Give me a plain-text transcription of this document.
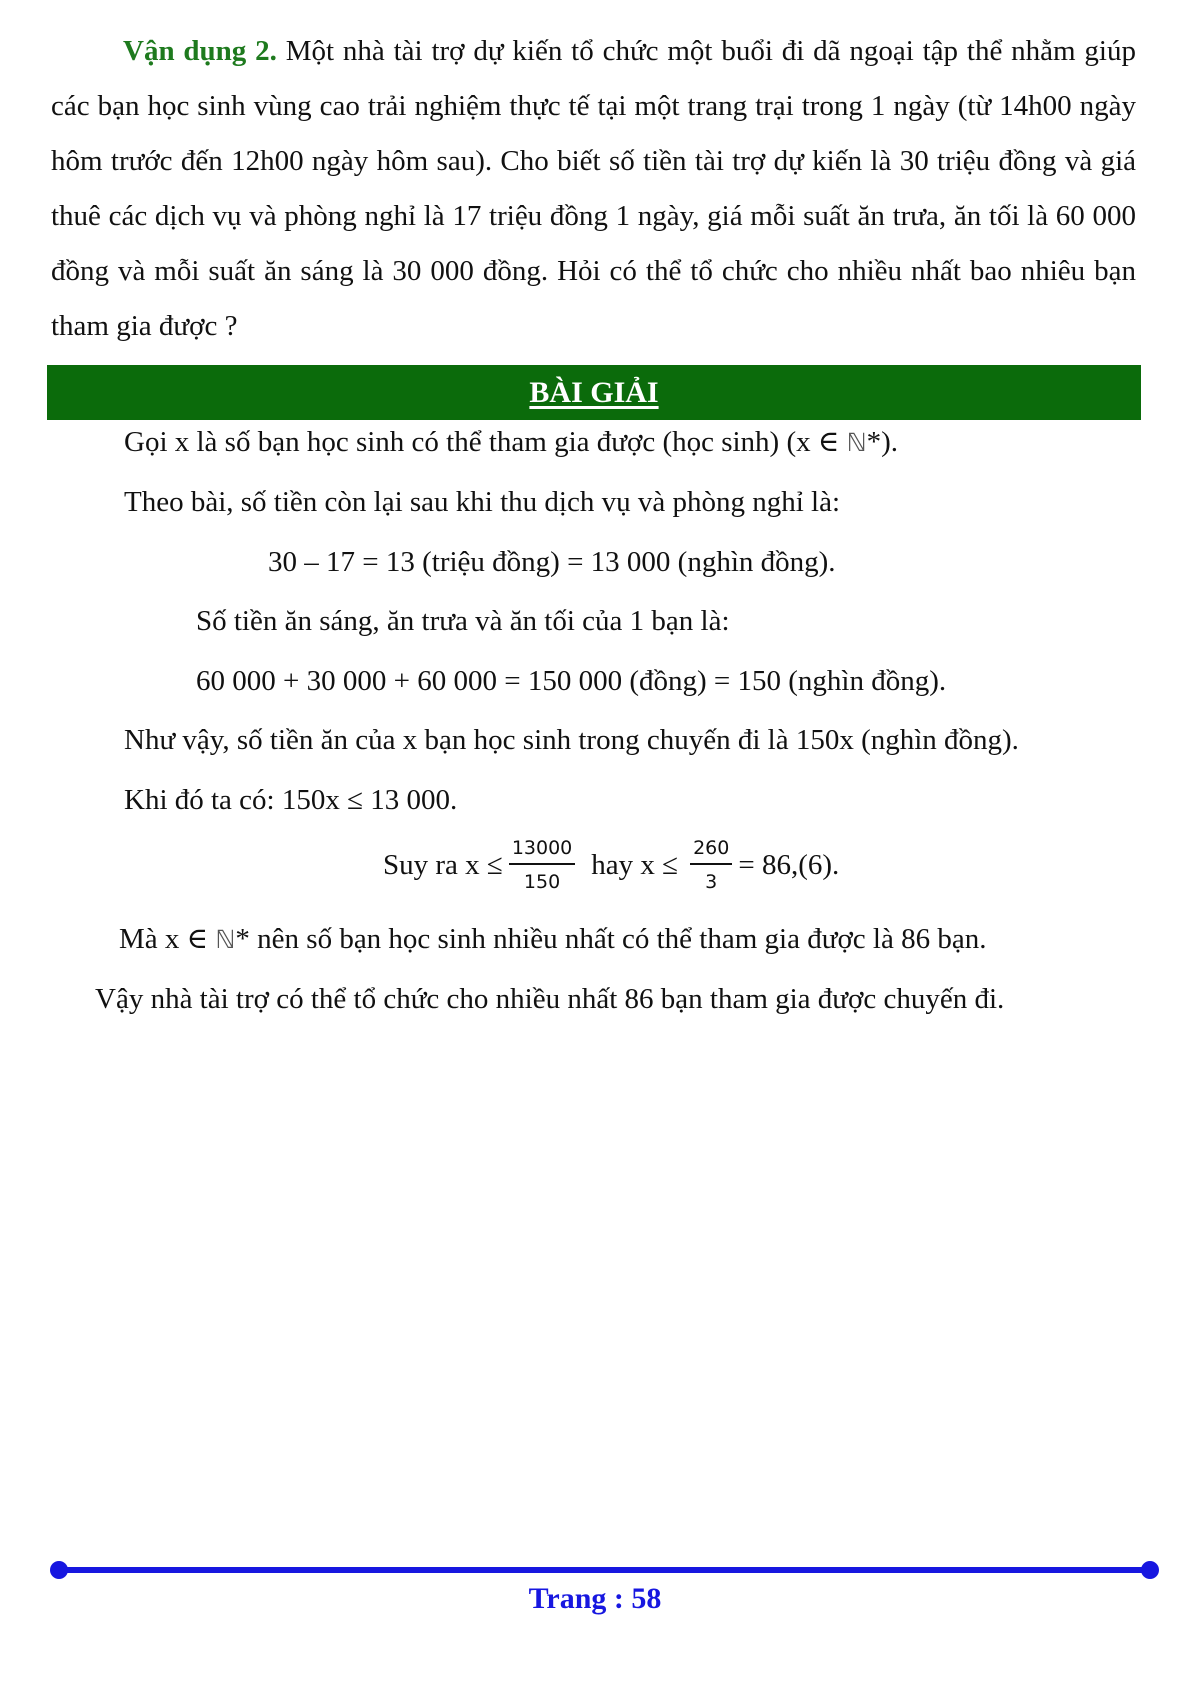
Vận dụng 2. Một nhà tài trợ dự kiến tổ chức một buổi đi dã ngoại tập thể nhằm giúp các bạn học sinh vùng cao trải nghiệm thực tế tại một trang trại trong 1 ngày (từ 14h00 ngày hôm trước đến 12h00 ngày hôm sau). Cho biết số tiền tài trợ dự kiến là 30 triệu đồng và giá thuê các dịch vụ và phòng nghỉ là 17 triệu đồng 1 ngày, giá mỗi suất ăn trưa, ăn tối là 60 000 đồng và mỗi suất ăn sáng là 30 000 đồng. Hỏi có thể tổ chức cho nhiều nhất bao nhiêu bạn tham gia được ?

BÀI GIẢI

Gọi x là số bạn học sinh có thể tham gia được (học sinh) (x ∈ ℕ*).

Theo bài, số tiền còn lại sau khi thu dịch vụ và phòng nghỉ là:

30 – 17 = 13 (triệu đồng) = 13 000 (nghìn đồng).

Số tiền ăn sáng, ăn trưa và ăn tối của 1 bạn là:

60 000 + 30 000 + 60 000 = 150 000 (đồng) = 150 (nghìn đồng).

Như vậy, số tiền ăn của x bạn học sinh trong chuyến đi là 150x (nghìn đồng).

Khi đó ta có: 150x ≤ 13 000.

Suy ra $x \le \frac{13000}{150}$ hay $x \le \frac{260}{3} = 86,(6)$.

Mà x ∈ ℕ* nên số bạn học sinh nhiều nhất có thể tham gia được là 86 bạn.

Vậy nhà tài trợ có thể tổ chức cho nhiều nhất 86 bạn tham gia được chuyến đi.

Trang : 58
